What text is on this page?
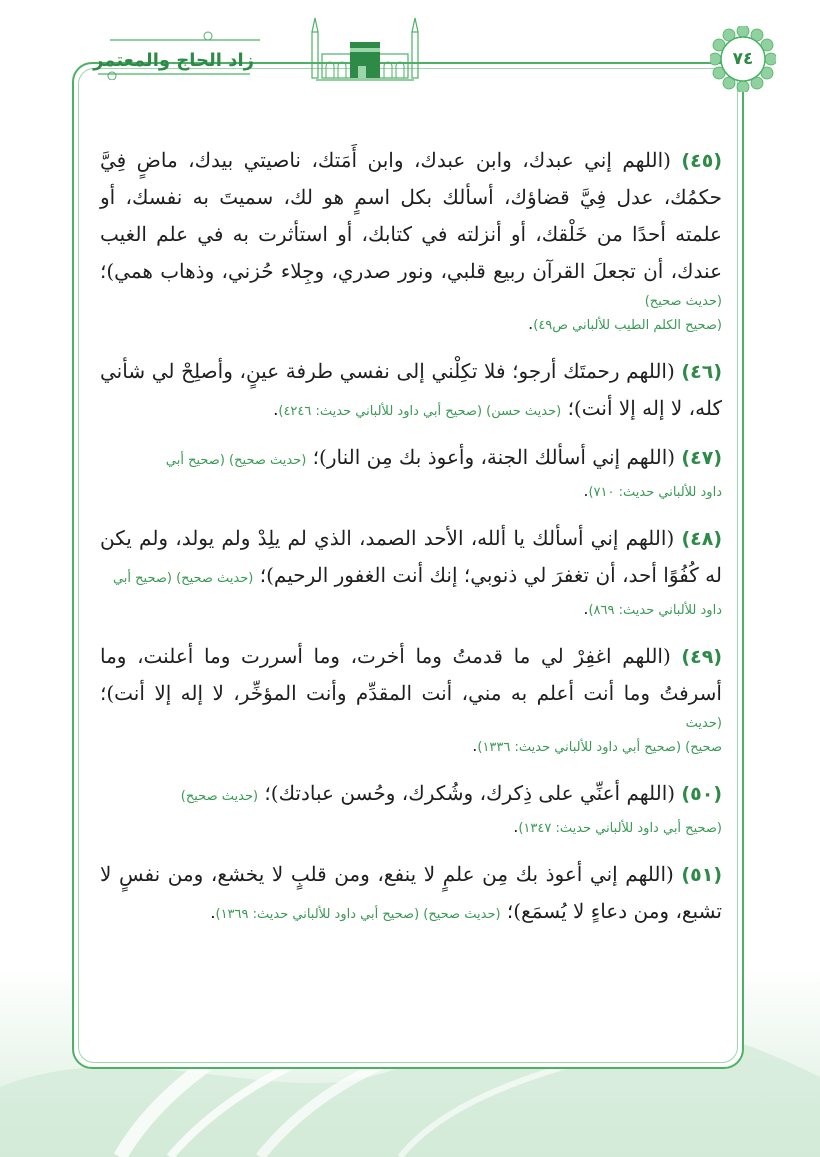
زاد الحاج والمعتمر	٧٤

(٤٥) (اللهم إني عبدك، وابن عبدك، وابن أَمَتك، ناصيتي بيدك، ماضٍ فِيَّ حكمُك، عدل فِيَّ قضاؤك، أسألك بكل اسمٍ هو لك، سميتَ به نفسك، أو علمته أحدًا من خَلْقك، أو أنزلته في كتابك، أو استأثرت به في علم الغيب عندك، أن تجعلَ القرآن ربيع قلبي، ونور صدري، وجِلاء حُزني، وذهاب همي)؛ (حديث صحيح)
(صحيح الكلم الطيب للألباني ص٤٩).

(٤٦) (اللهم رحمتَك أرجو؛ فلا تكِلْني إلى نفسي طرفة عينٍ، وأصلِحْ لي شأني كله، لا إله إلا أنت)؛ (حديث حسن) (صحيح أبي داود للألباني حديث: ٤٢٤٦).

(٤٧) (اللهم إني أسألك الجنة، وأعوذ بك مِن النار)؛ (حديث صحيح) (صحيح أبي
داود للألباني حديث: ٧١٠).

(٤٨) (اللهم إني أسألك يا ألله، الأحد الصمد، الذي لم يلِدْ ولم يولد، ولم يكن له كُفُوًا أحد، أن تغفرَ لي ذنوبي؛ إنك أنت الغفور الرحيم)؛ (حديث صحيح) (صحيح أبي
داود للألباني حديث: ٨٦٩).

(٤٩) (اللهم اغفِرْ لي ما قدمتُ وما أخرت، وما أسررت وما أعلنت، وما أسرفتُ وما أنت أعلم به مني، أنت المقدِّم وأنت المؤخِّر، لا إله إلا أنت)؛ (حديث
صحيح) (صحيح أبي داود للألباني حديث: ١٣٣٦).

(٥٠) (اللهم أعنِّي على ذِكرك، وشُكرك، وحُسن عبادتك)؛ (حديث صحيح)
(صحيح أبي داود للألباني حديث: ١٣٤٧).

(٥١) (اللهم إني أعوذ بك مِن علمٍ لا ينفع، ومن قلبٍ لا يخشع، ومن نفسٍ لا تشبع، ومن دعاءٍ لا يُسمَع)؛ (حديث صحيح) (صحيح أبي داود للألباني حديث: ١٣٦٩).
